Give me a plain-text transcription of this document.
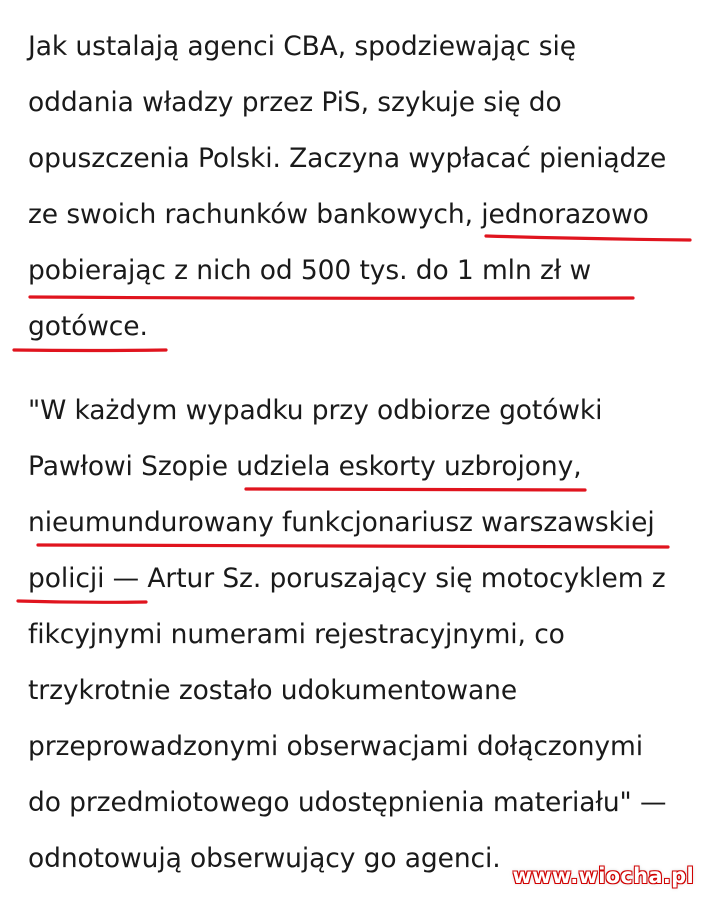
Jak ustalają agenci CBA, spodziewając się
oddania władzy przez PiS, szykuje się do
opuszczenia Polski. Zaczyna wypłacać pieniądze
ze swoich rachunków bankowych, jednorazowo
pobierając z nich od 500 tys. do 1 mln zł w
gotówce.
"W każdym wypadku przy odbiorze gotówki
Pawłowi Szopie udziela eskorty uzbrojony,
nieumundurowany funkcjonariusz warszawskiej
policji — Artur Sz. poruszający się motocyklem z
fikcyjnymi numerami rejestracyjnymi, co
trzykrotnie zostało udokumentowane
przeprowadzonymi obserwacjami dołączonymi
do przedmiotowego udostępnienia materiału" —
odnotowują obserwujący go agenci.
www.wiocha.pl
